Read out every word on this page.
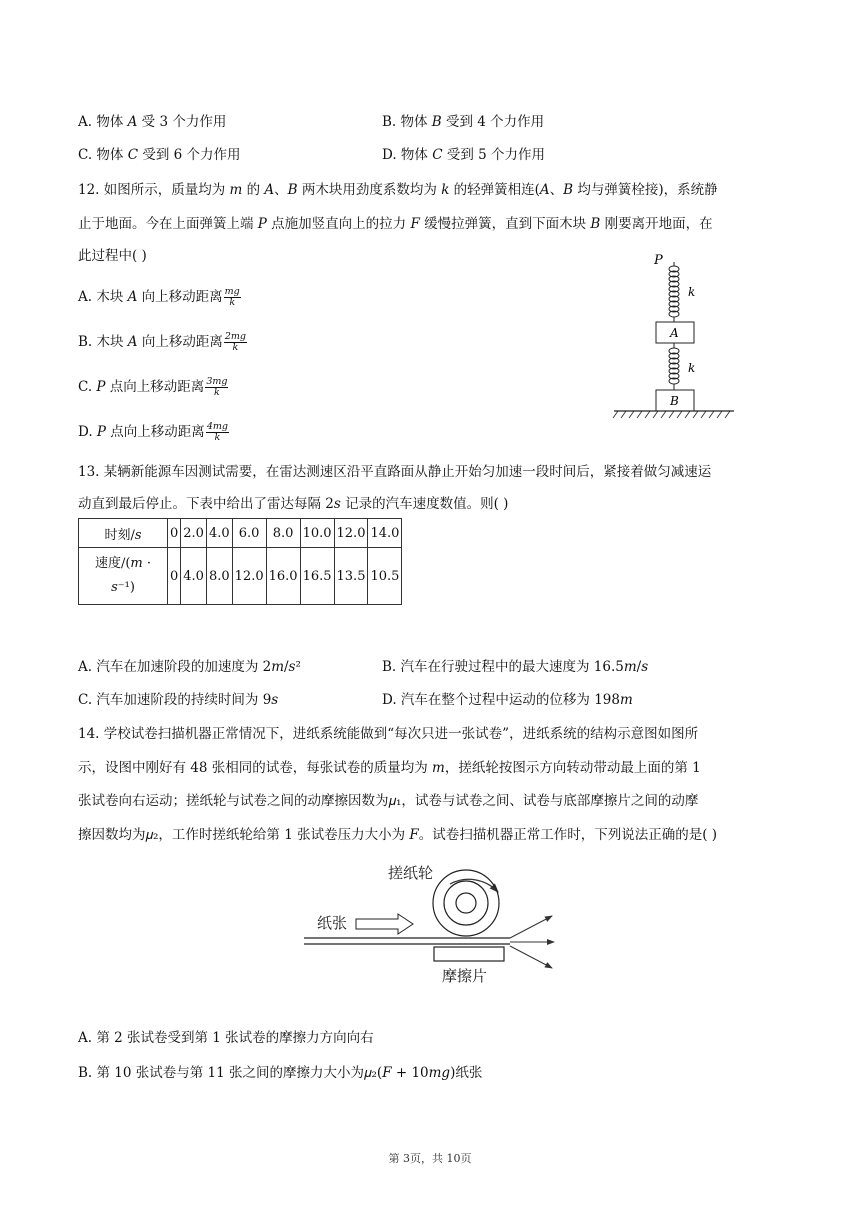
A. 物体 𝐴 受 3 个力作用	B. 物体 𝐵 受到 4 个力作用
C. 物体 𝐶 受到 6 个力作用	D. 物体 𝐶 受到 5 个力作用
12. 如图所示，质量均为 𝑚 的 𝐴、𝐵 两木块用劲度系数均为 𝑘 的轻弹簧相连(𝐴、𝐵 均与弹簧栓接)，系统静
止于地面。今在上面弹簧上端 𝑃 点施加竖直向上的拉力 𝐹 缓慢拉弹簧，直到下面木块 𝐵 刚要离开地面，在
此过程中( )
A. 木块 𝐴 向上移动距离 $\frac{mg}{k}$
B. 木块 𝐴 向上移动距离 $\frac{2mg}{k}$
C. 𝑃 点向上移动距离 $\frac{3mg}{k}$
D. 𝑃 点向上移动距离 $\frac{4mg}{k}$
P
k
A
k
B
13. 某辆新能源车因测试需要，在雷达测速区沿平直路面从静止开始匀加速一段时间后，紧接着做匀减速运
动直到最后停止。下表中给出了雷达每隔 2𝑠 记录的汽车速度数值。则( )
时刻/𝑠	0	2.0	4.0	6.0	8.0	10.0	12.0	14.0
速度/(𝑚 ·
𝑠⁻¹)	0	4.0	8.0	12.0	16.0	16.5	13.5	10.5
A. 汽车在加速阶段的加速度为 2𝑚/𝑠²	B. 汽车在行驶过程中的最大速度为 16.5𝑚/𝑠
C. 汽车加速阶段的持续时间为 9𝑠	D. 汽车在整个过程中运动的位移为 198𝑚
14. 学校试卷扫描机器正常情况下，进纸系统能做到“每次只进一张试卷”，进纸系统的结构示意图如图所
示，设图中刚好有 48 张相同的试卷，每张试卷的质量均为 𝑚，搓纸轮按图示方向转动带动最上面的第 1
张试卷向右运动；搓纸轮与试卷之间的动摩擦因数为𝜇₁，试卷与试卷之间、试卷与底部摩擦片之间的动摩
擦因数均为𝜇₂，工作时搓纸轮给第 1 张试卷压力大小为 𝐹。试卷扫描机器正常工作时，下列说法正确的是( )
搓纸轮
纸张
摩擦片
A. 第 2 张试卷受到第 1 张试卷的摩擦力方向向右
B. 第 10 张试卷与第 11 张之间的摩擦力大小为𝜇₂(𝐹 + 10𝑚𝑔)纸张
第 3页，共 10页
